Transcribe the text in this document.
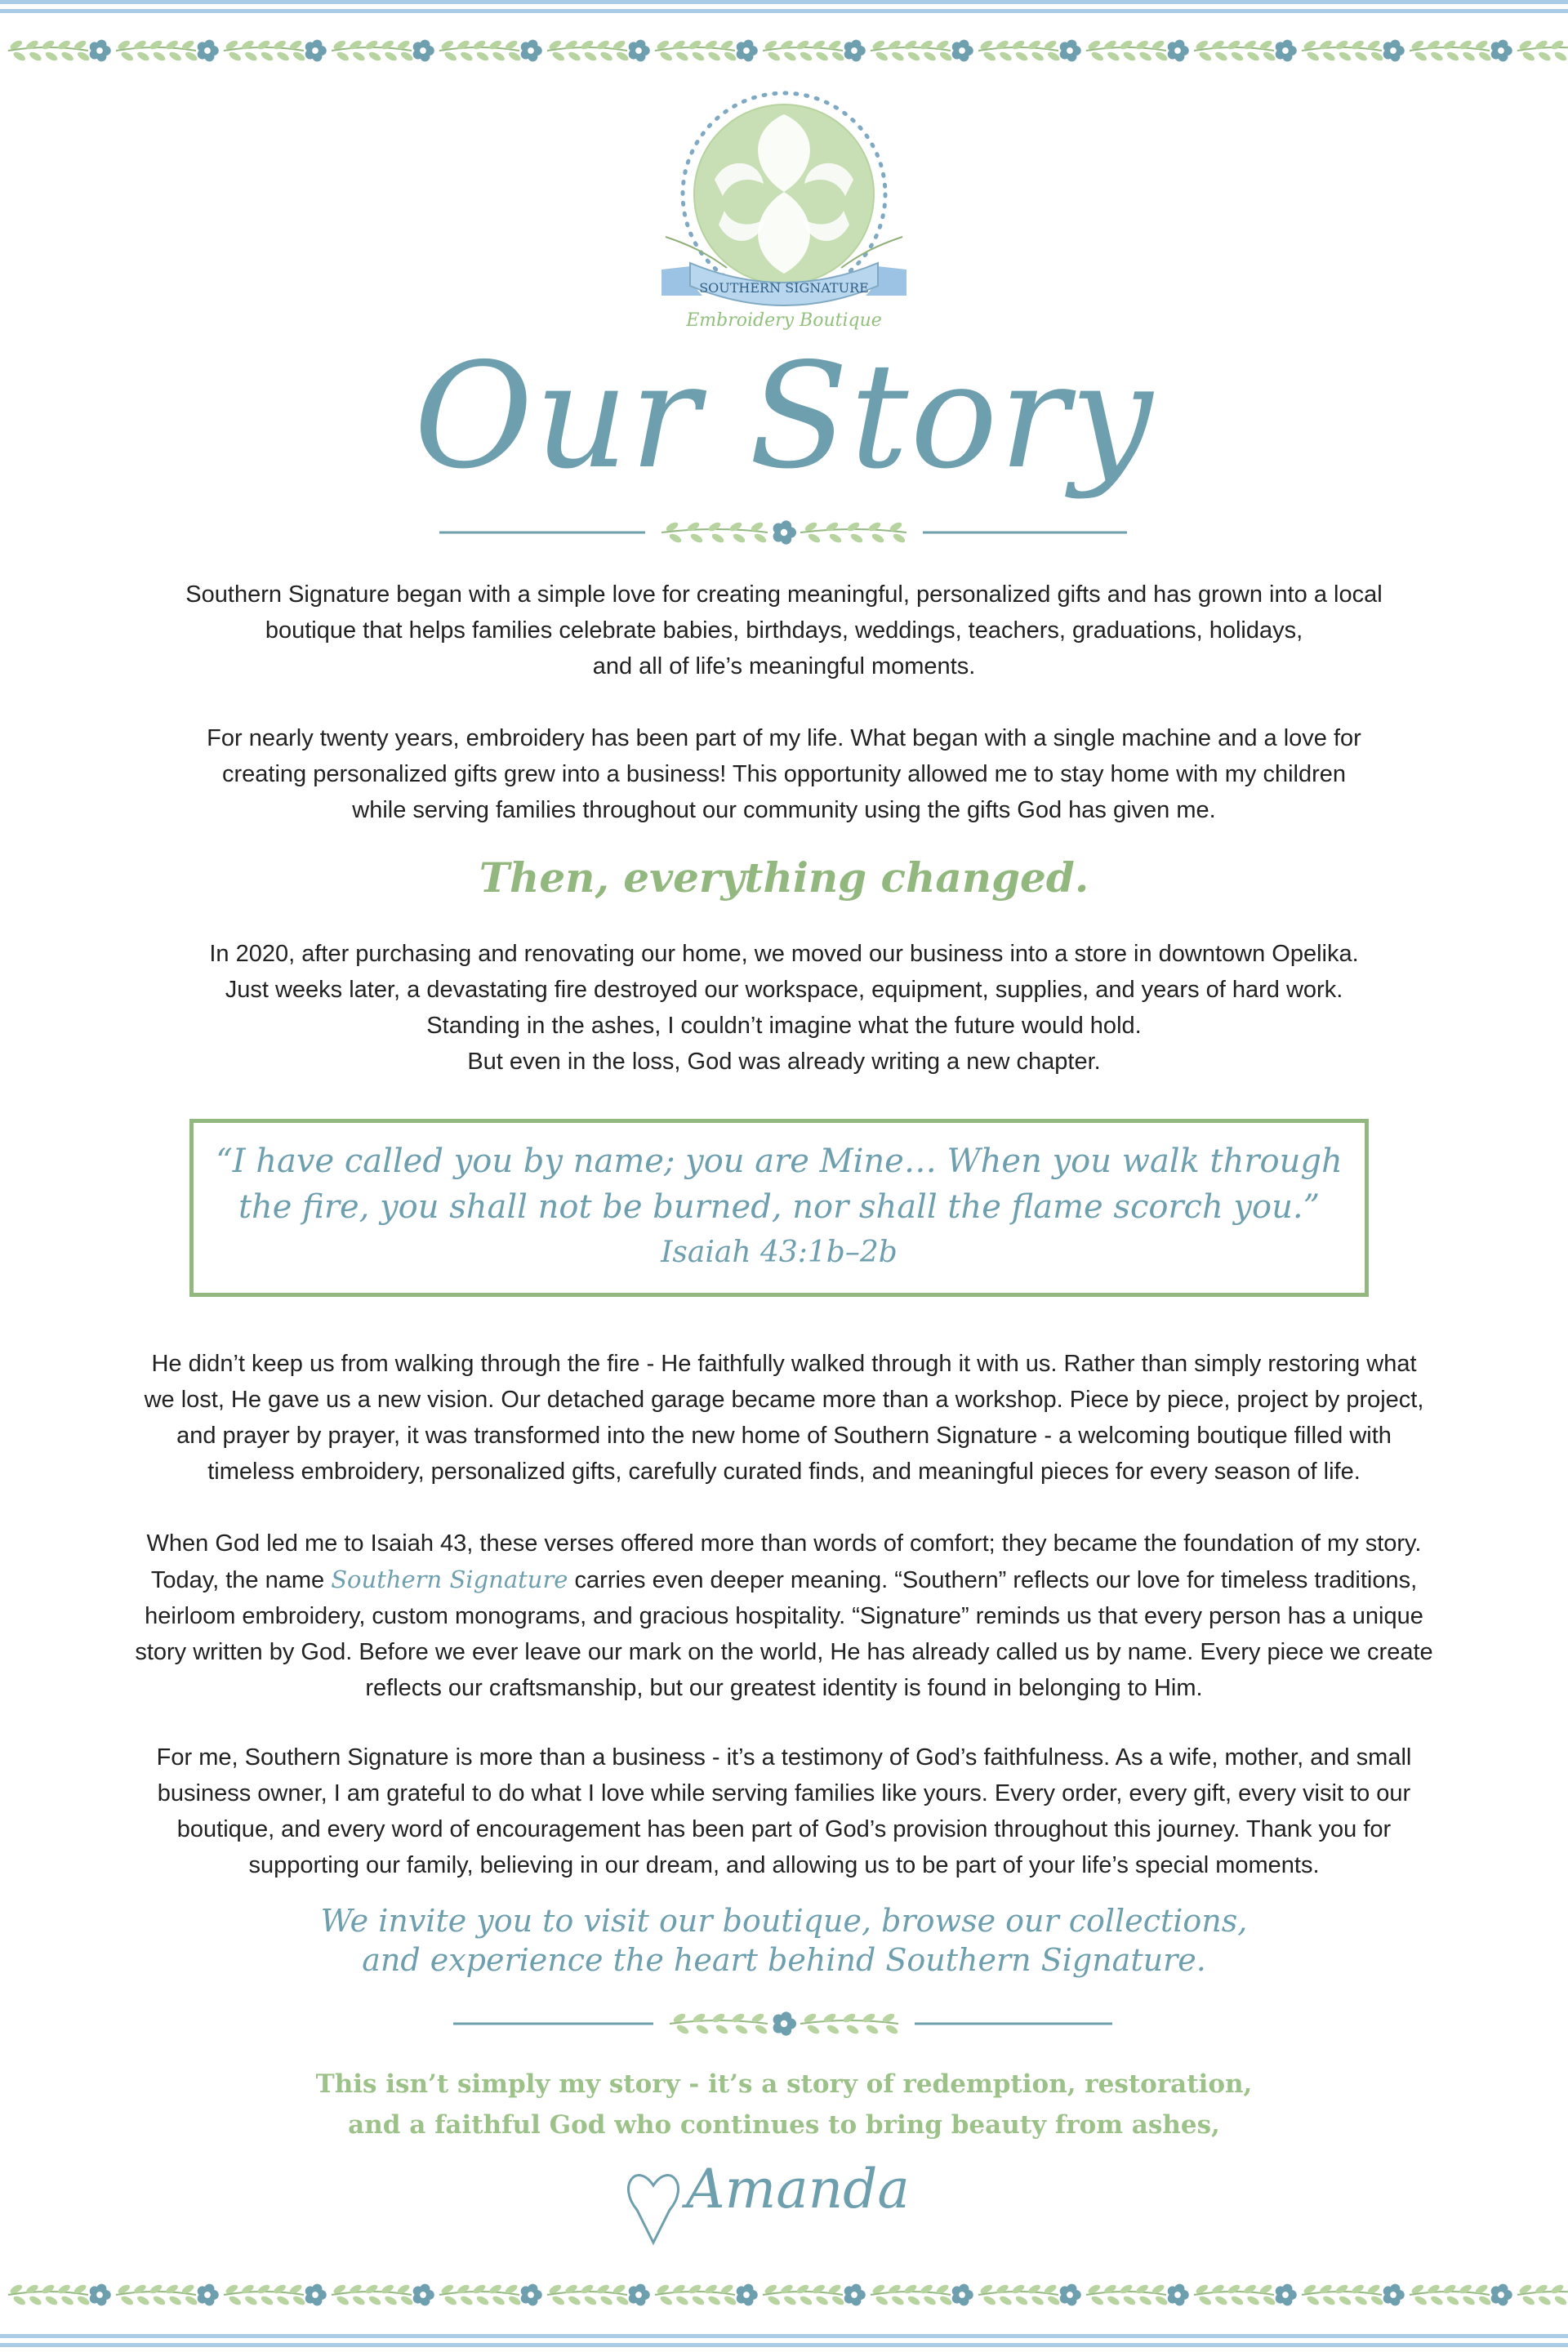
SOUTHERN SIGNATURE
Embroidery Boutique
Our Story

Southern Signature began with a simple love for creating meaningful, personalized gifts and has grown into a local
boutique that helps families celebrate babies, birthdays, weddings, teachers, graduations, holidays,
and all of life’s meaningful moments.

For nearly twenty years, embroidery has been part of my life. What began with a single machine and a love for
creating personalized gifts grew into a business! This opportunity allowed me to stay home with my children
while serving families throughout our community using the gifts God has given me.

Then, everything changed.

In 2020, after purchasing and renovating our home, we moved our business into a store in downtown Opelika.
Just weeks later, a devastating fire destroyed our workspace, equipment, supplies, and years of hard work.
Standing in the ashes, I couldn’t imagine what the future would hold.
But even in the loss, God was already writing a new chapter.

“I have called you by name; you are Mine… When you walk through
the fire, you shall not be burned, nor shall the flame scorch you.”
Isaiah 43:1b–2b

He didn’t keep us from walking through the fire - He faithfully walked through it with us. Rather than simply restoring what
we lost, He gave us a new vision. Our detached garage became more than a workshop. Piece by piece, project by project,
and prayer by prayer, it was transformed into the new home of Southern Signature - a welcoming boutique filled with
timeless embroidery, personalized gifts, carefully curated finds, and meaningful pieces for every season of life.

When God led me to Isaiah 43, these verses offered more than words of comfort; they became the foundation of my story.
Today, the name Southern Signature carries even deeper meaning. “Southern” reflects our love for timeless traditions,
heirloom embroidery, custom monograms, and gracious hospitality. “Signature” reminds us that every person has a unique
story written by God. Before we ever leave our mark on the world, He has already called us by name. Every piece we create
reflects our craftsmanship, but our greatest identity is found in belonging to Him.

For me, Southern Signature is more than a business - it’s a testimony of God’s faithfulness. As a wife, mother, and small
business owner, I am grateful to do what I love while serving families like yours. Every order, every gift, every visit to our
boutique, and every word of encouragement has been part of God’s provision throughout this journey. Thank you for
supporting our family, believing in our dream, and allowing us to be part of your life’s special moments.

We invite you to visit our boutique, browse our collections,

and experience the heart behind Southern Signature.

This isn’t simply my story - it’s a story of redemption, restoration,

and a faithful God who continues to bring beauty from ashes,

Amanda
